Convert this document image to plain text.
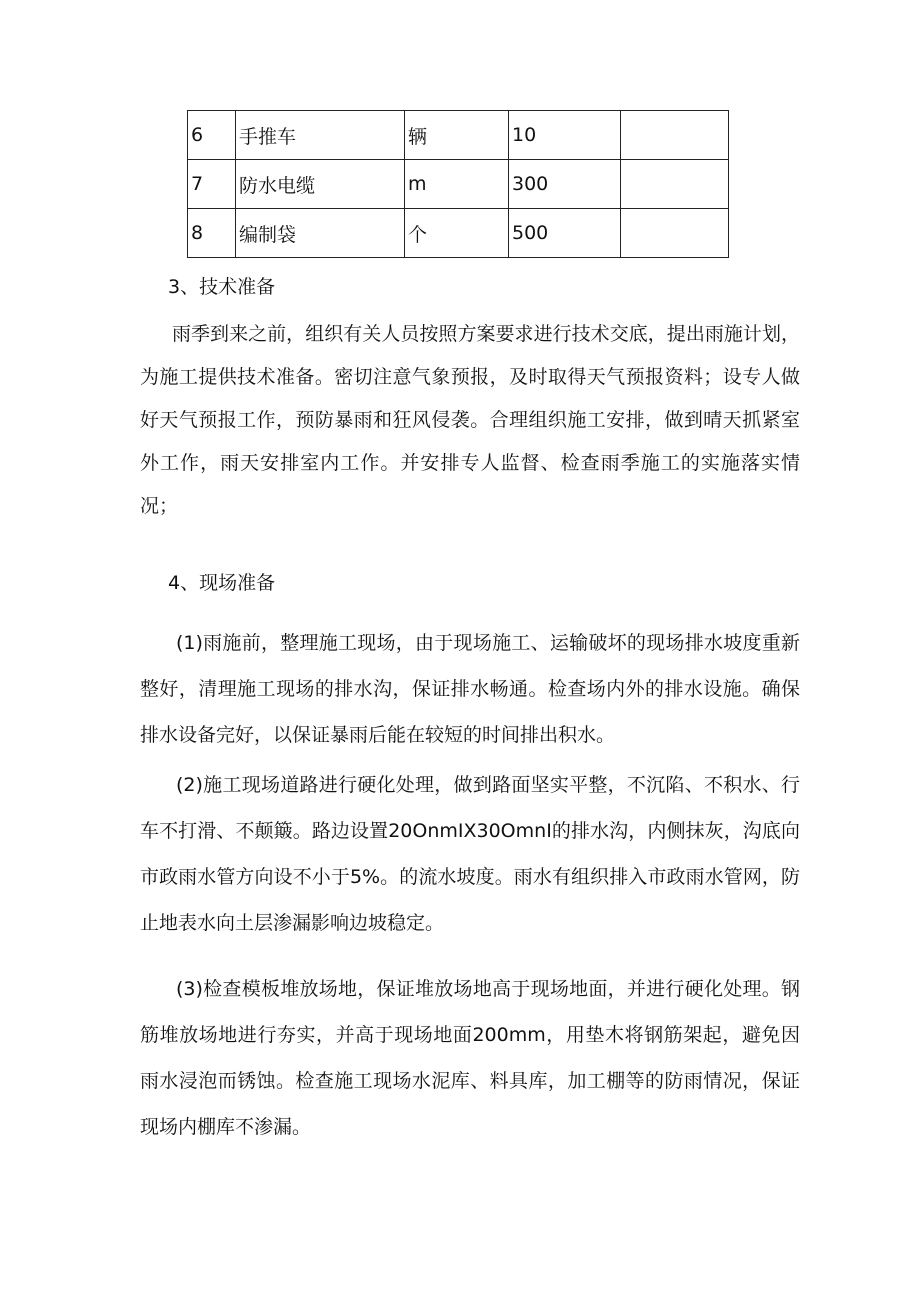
6	手推车	辆	10	
7	防水电缆	m	300	
8	编制袋	个	500	
3、技术准备

雨季到来之前，组织有关人员按照方案要求进行技术交底，提出雨施计划，为施工提供技术准备。密切注意气象预报，及时取得天气预报资料；设专人做好天气预报工作，预防暴雨和狂风侵袭。合理组织施工安排，做到晴天抓紧室外工作，雨天安排室内工作。并安排专人监督、检查雨季施工的实施落实情况；

4、现场准备

(1)雨施前，整理施工现场，由于现场施工、运输破坏的现场排水坡度重新整好，清理施工现场的排水沟，保证排水畅通。检查场内外的排水设施。确保排水设备完好，以保证暴雨后能在较短的时间排出积水。

(2)施工现场道路进行硬化处理，做到路面坚实平整，不沉陷、不积水、行车不打滑、不颠簸。路边设置20OnmIX30OmnI的排水沟，内侧抹灰，沟底向市政雨水管方向设不小于5%。的流水坡度。雨水有组织排入市政雨水管网，防止地表水向土层渗漏影响边坡稳定。

(3)检查模板堆放场地，保证堆放场地高于现场地面，并进行硬化处理。钢筋堆放场地进行夯实，并高于现场地面200mm，用垫木将钢筋架起，避免因雨水浸泡而锈蚀。检查施工现场水泥库、料具库，加工棚等的防雨情况，保证现场内棚库不渗漏。
